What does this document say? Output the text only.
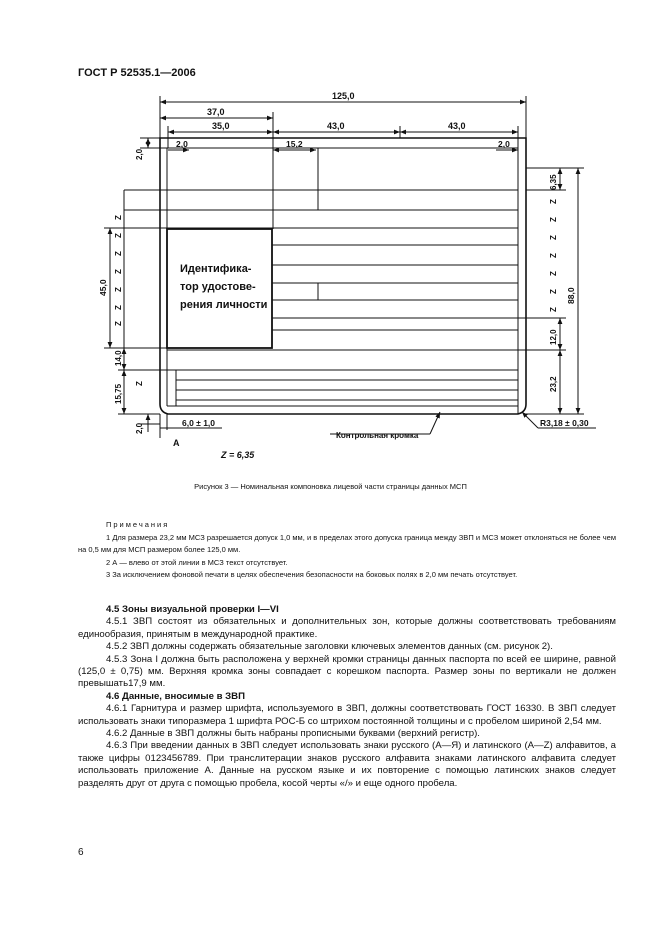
ГОСТ Р 52535.1—2006
125,0
37,0
35,0	43,0	43,0
2,0	15,2	2,0
2,0
6,35
45,0
14,0
15,75
2,0
88,0
12,0
23,2
6,0 ± 1,0	R3,18 ± 0,30
Z
Z
Z
Z
Z
Z
Z
Z
Z
Z
Z
Z
Z
Z
Z
A
Z = 6,35
Контрольная кромка
Идентифика-
тор удостове-
рения личности
Рисунок 3 — Номинальная компоновка лицевой части страницы данных МСП
Примечания

1 Для размера 23,2 мм МСЗ разрешается допуск 1,0 мм, и в пределах этого допуска граница между ЗВП и МСЗ может отклоняться не более чем на 0,5 мм для МСП размером более 125,0 мм.

2 А — влево от этой линии в МСЗ текст отсутствует.

3 За исключением фоновой печати в целях обеспечения безопасности на боковых полях в 2,0 мм печать отсутствует.

4.5 Зоны визуальной проверки I—VI

4.5.1 ЗВП состоят из обязательных и дополнительных зон, которые должны соответствовать требованиям единообразия, принятым в международной практике.

4.5.2 ЗВП должны содержать обязательные заголовки ключевых элементов данных (см. рисунок 2).

4.5.3 Зона I должна быть расположена у верхней кромки страницы данных паспорта по всей ее ширине, равной (125,0 ± 0,75) мм. Верхняя кромка зоны совпадает с корешком паспорта. Размер зоны по вертикали не должен превышать17,9 мм.

4.6 Данные, вносимые в ЗВП

4.6.1 Гарнитура и размер шрифта, используемого в ЗВП, должны соответствовать ГОСТ 16330. В ЗВП следует использовать знаки типоразмера 1 шрифта РОС-Б со штрихом постоянной толщины и с пробелом шириной 2,54 мм.

4.6.2 Данные в ЗВП должны быть набраны прописными буквами (верхний регистр).

4.6.3 При введении данных в ЗВП следует использовать знаки русского (А—Я) и латинского (А—Z) алфавитов, а также цифры 0123456789. При транслитерации знаков русского алфавита знаками латинского алфавита следует использовать приложение А. Данные на русском языке и их повторение с помощью латинских знаков следует разделять друг от друга с помощью пробела, косой черты «/» и еще одного пробела.

6
